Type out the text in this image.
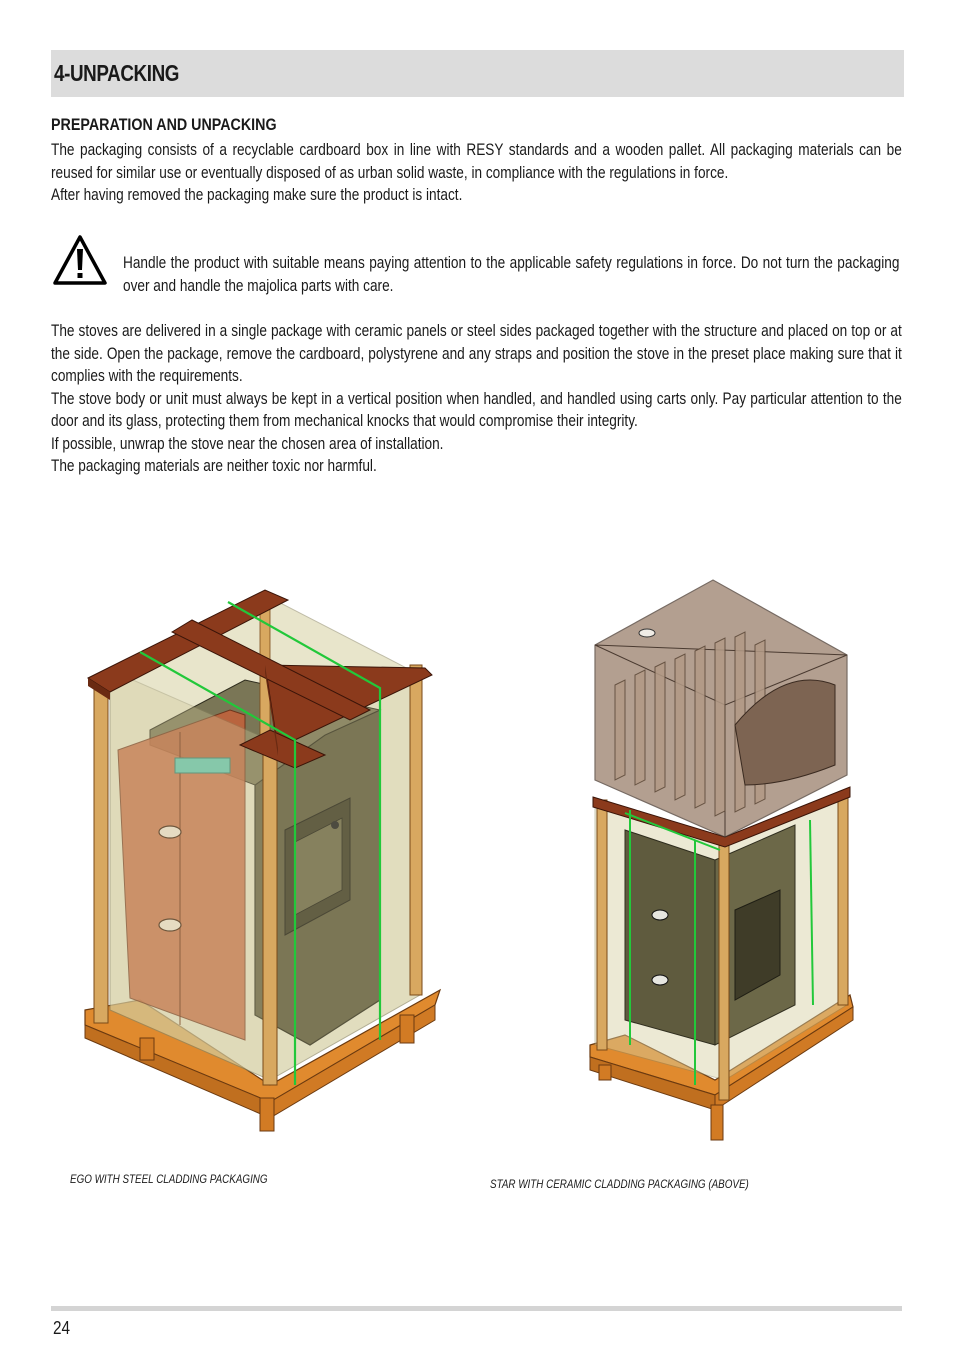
4-UNPACKING
PREPARATION AND UNPACKING

The packaging consists of a recyclable cardboard box in line with RESY standards and a wooden pallet. All packaging materials can be reused for similar use or eventually disposed of as urban solid waste, in compliance with the regulations in force.

After having removed the packaging make sure the product is intact.

Handle the product with suitable means paying attention to the applicable safety regulations in force. Do not turn the packaging over and handle the majolica parts with care.

The stoves are delivered in a single package with ceramic panels or steel sides packaged together with the structure and placed on top or at the side. Open the package, remove the cardboard, polystyrene and any straps and position the stove in the preset place making sure that it complies with the requirements.

The stove body or unit must always be kept in a vertical position when handled, and handled using carts only. Pay particular attention to the door and its glass, protecting them from mechanical knocks that would compromise their integrity.

If possible, unwrap the stove near the chosen area of installation.

The packaging materials are neither toxic nor harmful.

EGO WITH STEEL CLADDING PACKAGING	STAR WITH CERAMIC CLADDING PACKAGING (ABOVE)
24
